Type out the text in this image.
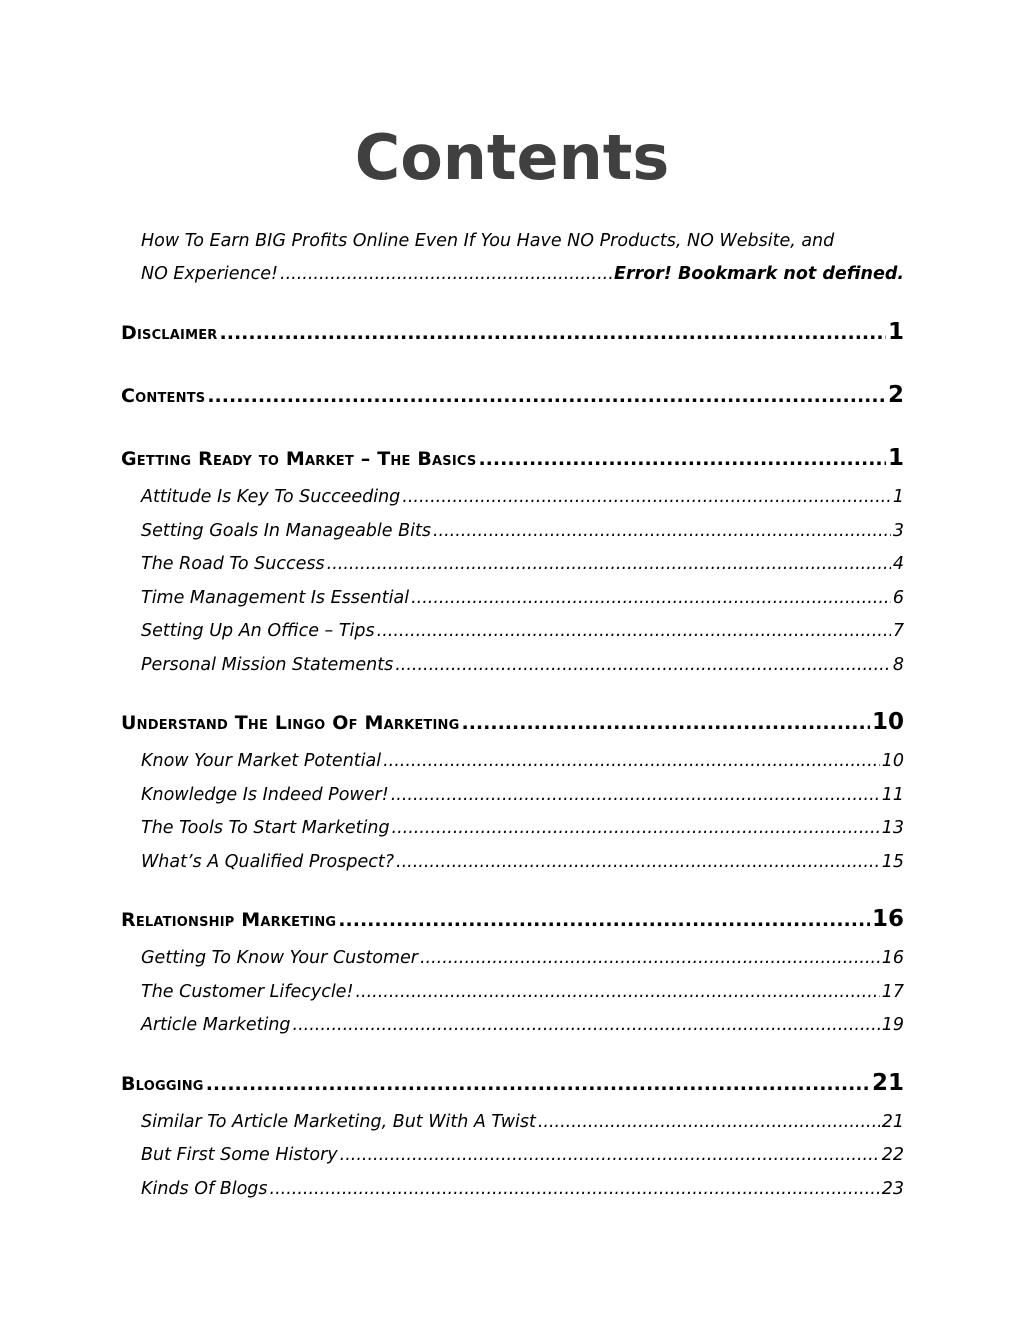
Contents
How To Earn BIG Profits Online Even If You Have NO Products, NO Website, and
NO Experience! .....	Error! Bookmark not defined.
Disclaimer .....	1
Contents .....	2
Getting Ready to Market – The Basics .....	1
Attitude Is Key To Succeeding .....	1
Setting Goals In Manageable Bits .....	3
The Road To Success .....	4
Time Management Is Essential .....	6
Setting Up An Office – Tips .....	7
Personal Mission Statements .....	8
Understand The Lingo Of Marketing .....	10
Know Your Market Potential .....	10
Knowledge Is Indeed Power! .....	11
The Tools To Start Marketing .....	13
What’s A Qualified Prospect? .....	15
Relationship Marketing .....	16
Getting To Know Your Customer .....	16
The Customer Lifecycle! .....	17
Article Marketing .....	19
Blogging .....	21
Similar To Article Marketing, But With A Twist .....	21
But First Some History .....	22
Kinds Of Blogs .....	23
